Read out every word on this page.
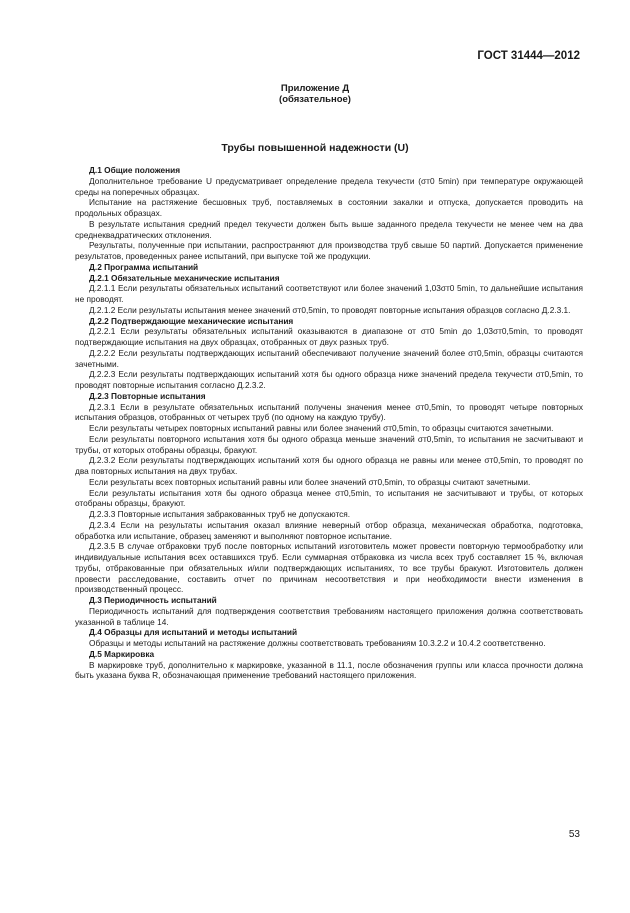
ГОСТ 31444—2012
Приложение Д
(обязательное)
Трубы повышенной надежности (U)

Д.1 Общие положения

Дополнительное требование U предусматривает определение предела текучести (σт0 5min) при температуре окружающей среды на поперечных образцах.

Испытание на растяжение бесшовных труб, поставляемых в состоянии закалки и отпуска, допускается проводить на продольных образцах.

В результате испытания средний предел текучести должен быть выше заданного предела текучести не менее чем на два среднеквадратических отклонения.

Результаты, полученные при испытании, распространяют для производства труб свыше 50 партий. Допускается применение результатов, проведенных ранее испытаний, при выпуске той же продукции.

Д.2 Программа испытаний

Д.2.1 Обязательные механические испытания

Д.2.1.1 Если результаты обязательных испытаний соответствуют или более значений 1,03σт0 5min, то дальнейшие испытания не проводят.

Д.2.1.2 Если результаты испытания менее значений σт0,5min, то проводят повторные испытания образцов согласно Д.2.3.1.

Д.2.2 Подтверждающие механические испытания

Д.2.2.1 Если результаты обязательных испытаний оказываются в диапазоне от σт0 5min до 1,03σт0,5min, то проводят подтверждающие испытания на двух образцах, отобранных от двух разных труб.

Д.2.2.2 Если результаты подтверждающих испытаний обеспечивают получение значений более σт0,5min, образцы считаются зачетными.

Д.2.2.3 Если результаты подтверждающих испытаний хотя бы одного образца ниже значений предела текучести σт0,5min, то проводят повторные испытания согласно Д.2.3.2.

Д.2.3 Повторные испытания

Д.2.3.1 Если в результате обязательных испытаний получены значения менее σт0,5min, то проводят четыре повторных испытания образцов, отобранных от четырех труб (по одному на каждую трубу).

Если результаты четырех повторных испытаний равны или более значений σт0,5min, то образцы считаются зачетными.

Если результаты повторного испытания хотя бы одного образца меньше значений σт0,5min, то испытания не засчитывают и трубы, от которых отобраны образцы, бракуют.

Д.2.3.2 Если результаты подтверждающих испытаний хотя бы одного образца не равны или менее σт0,5min, то проводят по два повторных испытания на двух трубах.

Если результаты всех повторных испытаний равны или более значений σт0,5min, то образцы считают зачетными.

Если результаты испытания хотя бы одного образца менее σт0,5min, то испытания не засчитывают и трубы, от которых отобраны образцы, бракуют.

Д.2.3.3 Повторные испытания забракованных труб не допускаются.

Д.2.3.4 Если на результаты испытания оказал влияние неверный отбор образца, механическая обработка, подготовка, обработка или испытание, образец заменяют и выполняют повторное испытание.

Д.2.3.5 В случае отбраковки труб после повторных испытаний изготовитель может провести повторную термообработку или индивидуальные испытания всех оставшихся труб. Если суммарная отбраковка из числа всех труб составляет 15 %, включая трубы, отбракованные при обязательных и/или подтверждающих испытаниях, то все трубы бракуют. Изготовитель должен провести расследование, составить отчет по причинам несоответствия и при необходимости внести изменения в производственный процесс.

Д.3 Периодичность испытаний

Периодичность испытаний для подтверждения соответствия требованиям настоящего приложения должна соответствовать указанной в таблице 14.

Д.4 Образцы для испытаний и методы испытаний

Образцы и методы испытаний на растяжение должны соответствовать требованиям 10.3.2.2 и 10.4.2 соответственно.

Д.5 Маркировка

В маркировке труб, дополнительно к маркировке, указанной в 11.1, после обозначения группы или класса прочности должна быть указана буква R, обозначающая применение требований настоящего приложения.

53
